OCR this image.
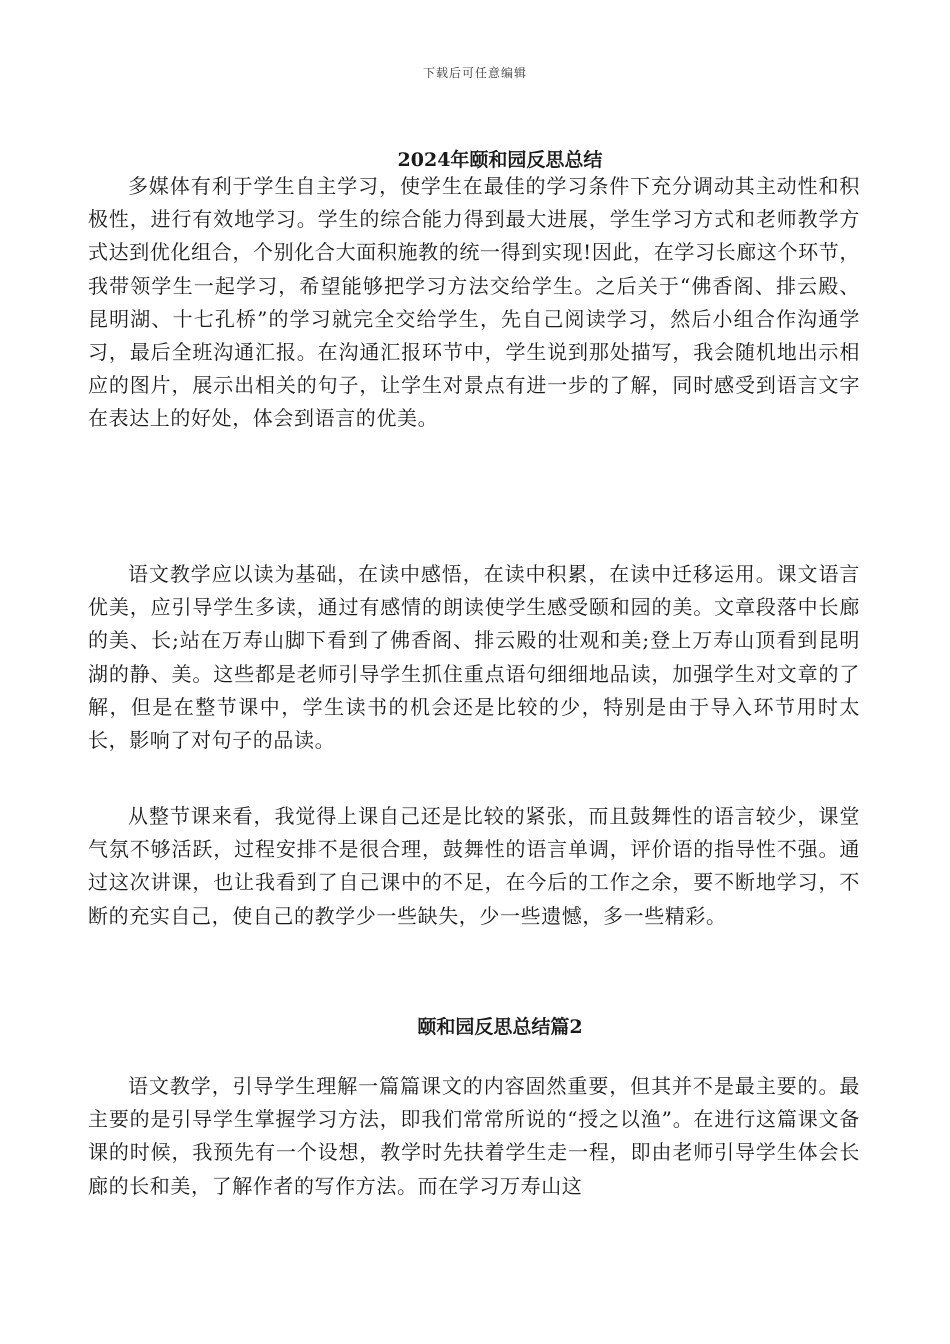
下载后可任意编辑
2024年颐和园反思总结

多媒体有利于学生自主学习，使学生在最佳的学习条件下充分调动其主动性和积极性，进行有效地学习。学生的综合能力得到最大进展，学生学习方式和老师教学方式达到优化组合，个别化合大面积施教的统一得到实现!因此，在学习长廊这个环节，我带领学生一起学习，希望能够把学习方法交给学生。之后关于“佛香阁、排云殿、昆明湖、十七孔桥”的学习就完全交给学生，先自己阅读学习，然后小组合作沟通学习，最后全班沟通汇报。在沟通汇报环节中，学生说到那处描写，我会随机地出示相应的图片，展示出相关的句子，让学生对景点有进一步的了解，同时感受到语言文字在表达上的好处，体会到语言的优美。

语文教学应以读为基础，在读中感悟，在读中积累，在读中迁移运用。课文语言优美，应引导学生多读，通过有感情的朗读使学生感受颐和园的美。文章段落中长廊的美、长;站在万寿山脚下看到了佛香阁、排云殿的壮观和美;登上万寿山顶看到昆明湖的静、美。这些都是老师引导学生抓住重点语句细细地品读，加强学生对文章的了解，但是在整节课中，学生读书的机会还是比较的少，特别是由于导入环节用时太长，影响了对句子的品读。

从整节课来看，我觉得上课自己还是比较的紧张，而且鼓舞性的语言较少，课堂气氛不够活跃，过程安排不是很合理，鼓舞性的语言单调，评价语的指导性不强。通过这次讲课，也让我看到了自己课中的不足，在今后的工作之余，要不断地学习，不断的充实自己，使自己的教学少一些缺失，少一些遗憾，多一些精彩。

颐和园反思总结篇2

语文教学，引导学生理解一篇篇课文的内容固然重要，但其并不是最主要的。最主要的是引导学生掌握学习方法，即我们常常所说的“授之以渔”。在进行这篇课文备课的时候，我预先有一个设想，教学时先扶着学生走一程，即由老师引导学生体会长廊的长和美，了解作者的写作方法。而在学习万寿山这
